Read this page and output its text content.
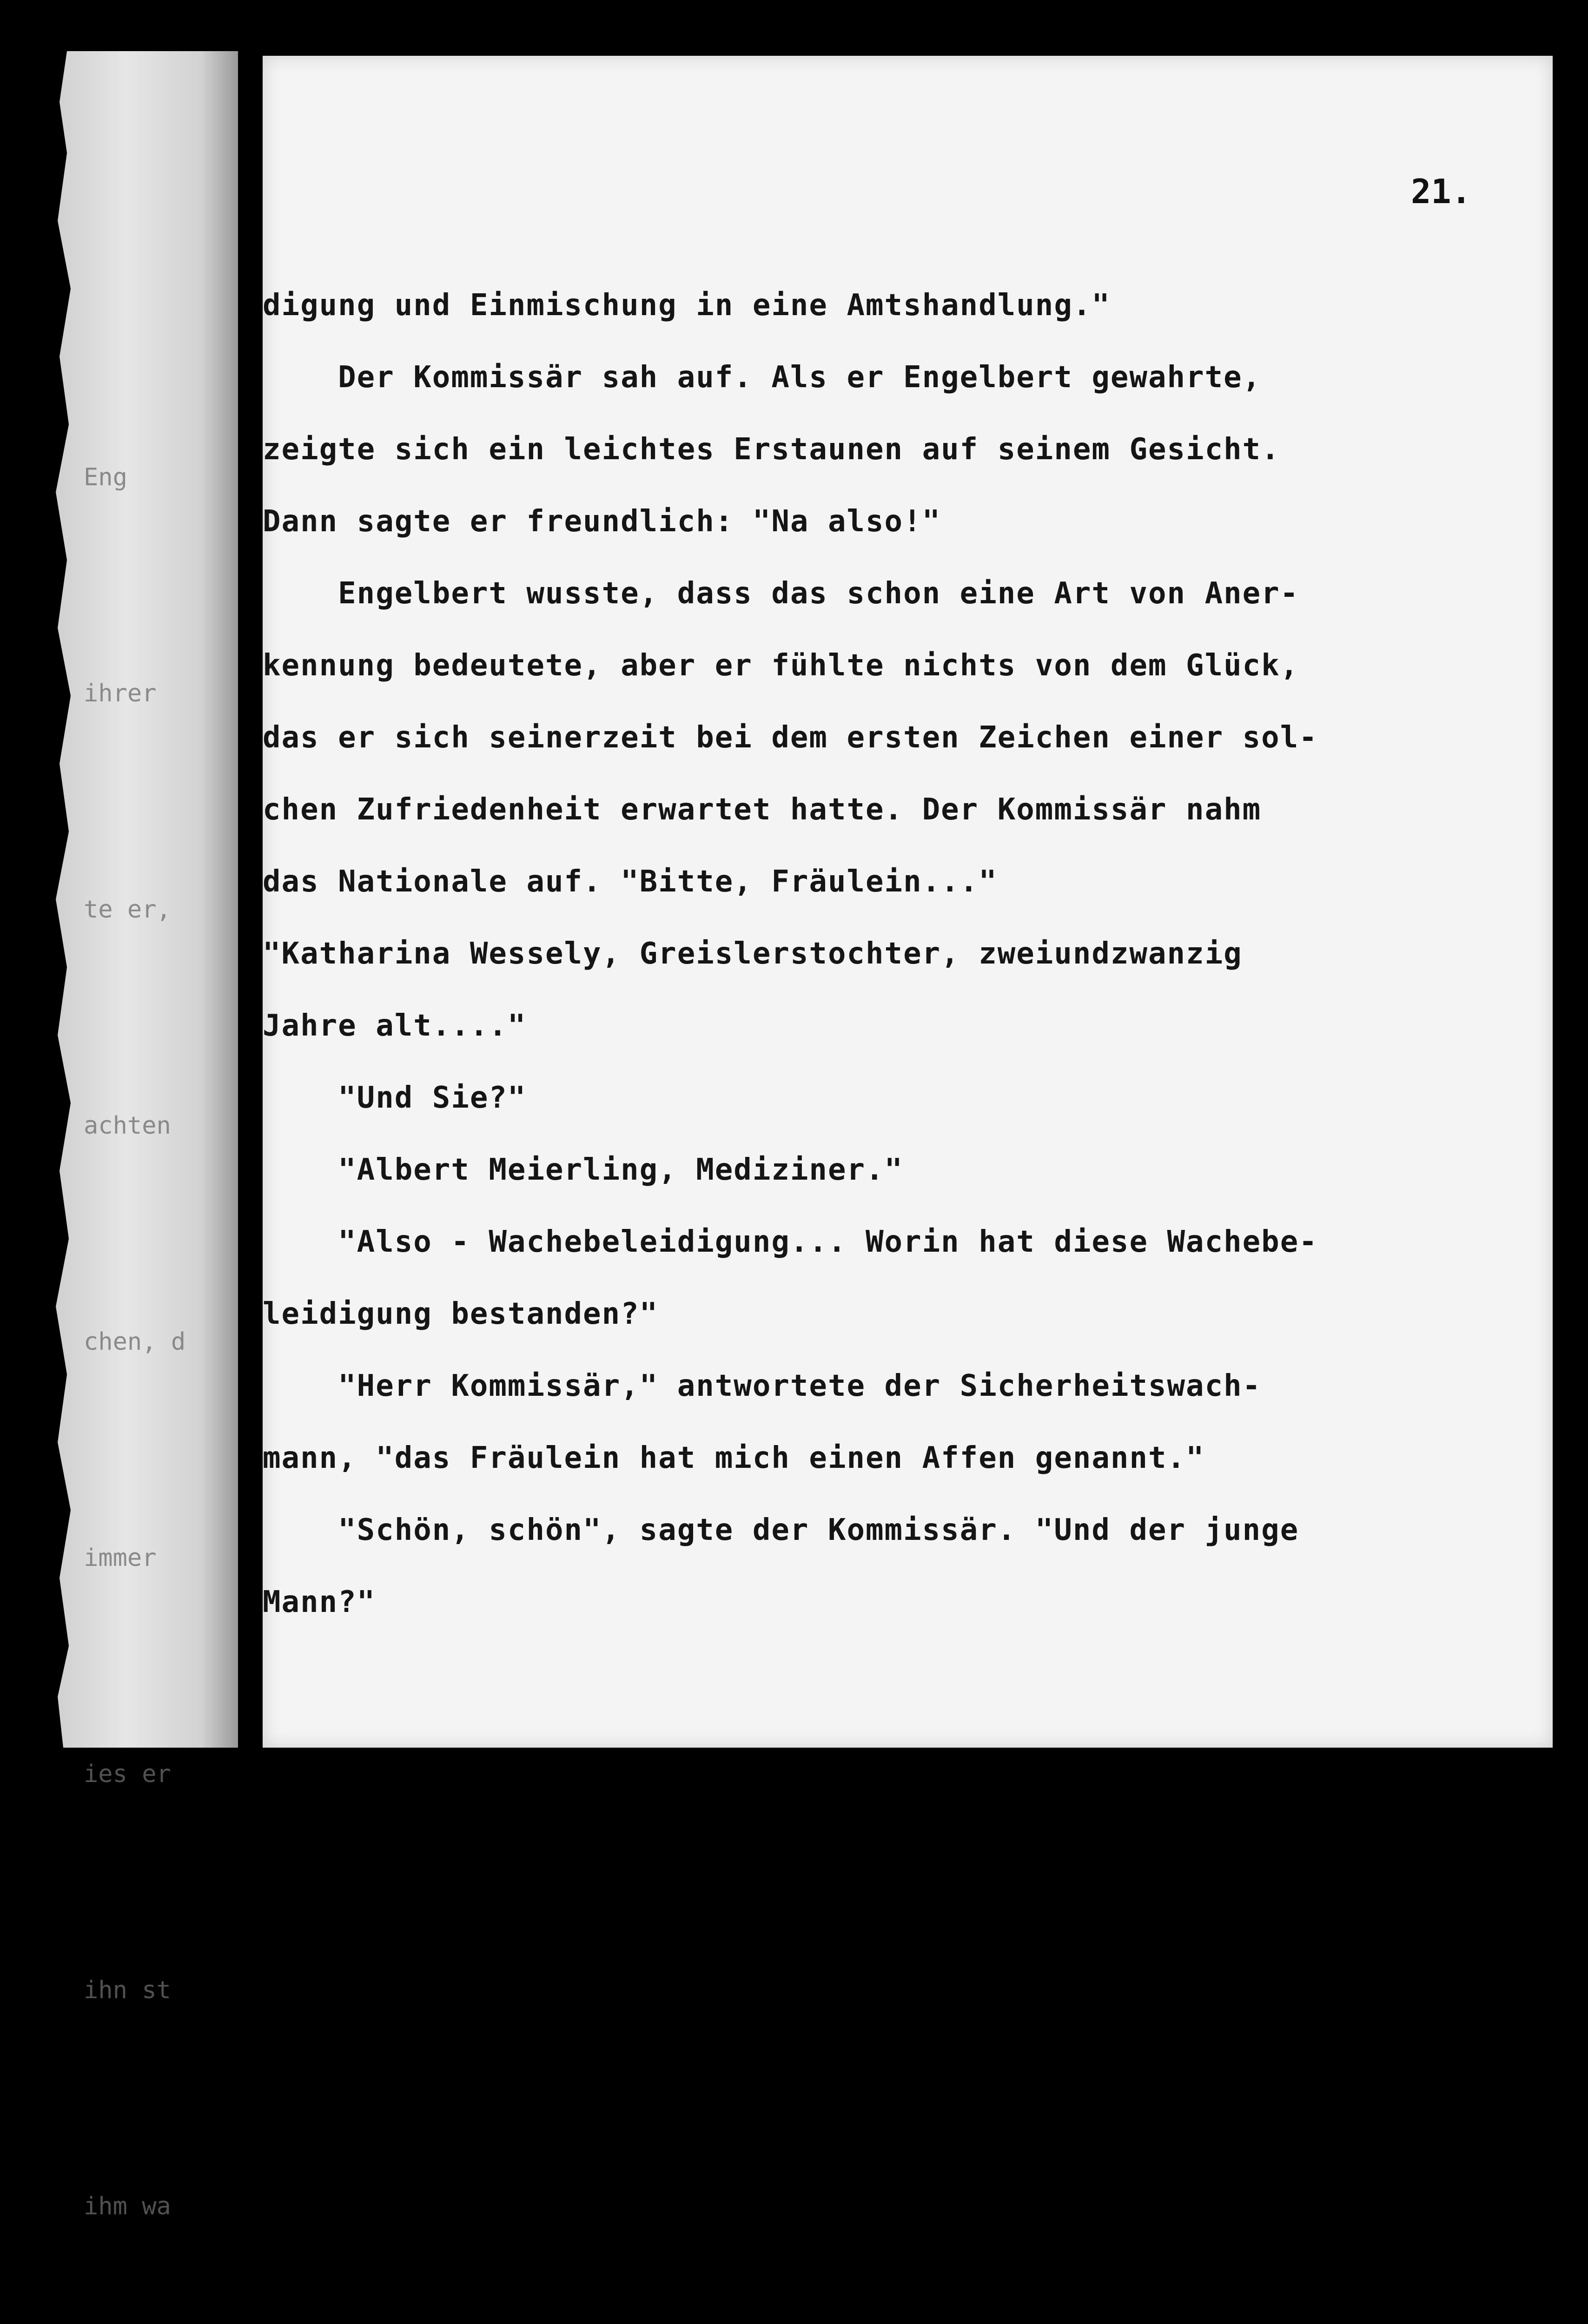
Eng

ihrer

te er,

achten

chen, d

immer

ies er

ihn st

ihm wa

21.
digung und Einmischung in eine Amtshandlung."
Der Kommissär sah auf. Als er Engelbert gewahrte,
zeigte sich ein leichtes Erstaunen auf seinem Gesicht.
Dann sagte er freundlich: "Na also!"
Engelbert wusste, dass das schon eine Art von Aner-
kennung bedeutete, aber er fühlte nichts von dem Glück,
das er sich seinerzeit bei dem ersten Zeichen einer sol-
chen Zufriedenheit erwartet hatte. Der Kommissär nahm
das Nationale auf. "Bitte, Fräulein..."
"Katharina Wessely, Greislerstochter, zweiundzwanzig
Jahre alt...."
"Und Sie?"
"Albert Meierling, Mediziner."
"Also - Wachebeleidigung... Worin hat diese Wachebe-
leidigung bestanden?"
"Herr Kommissär," antwortete der Sicherheitswach-
mann, "das Fräulein hat mich einen Affen genannt."
"Schön, schön", sagte der Kommissär. "Und der junge
Mann?"
